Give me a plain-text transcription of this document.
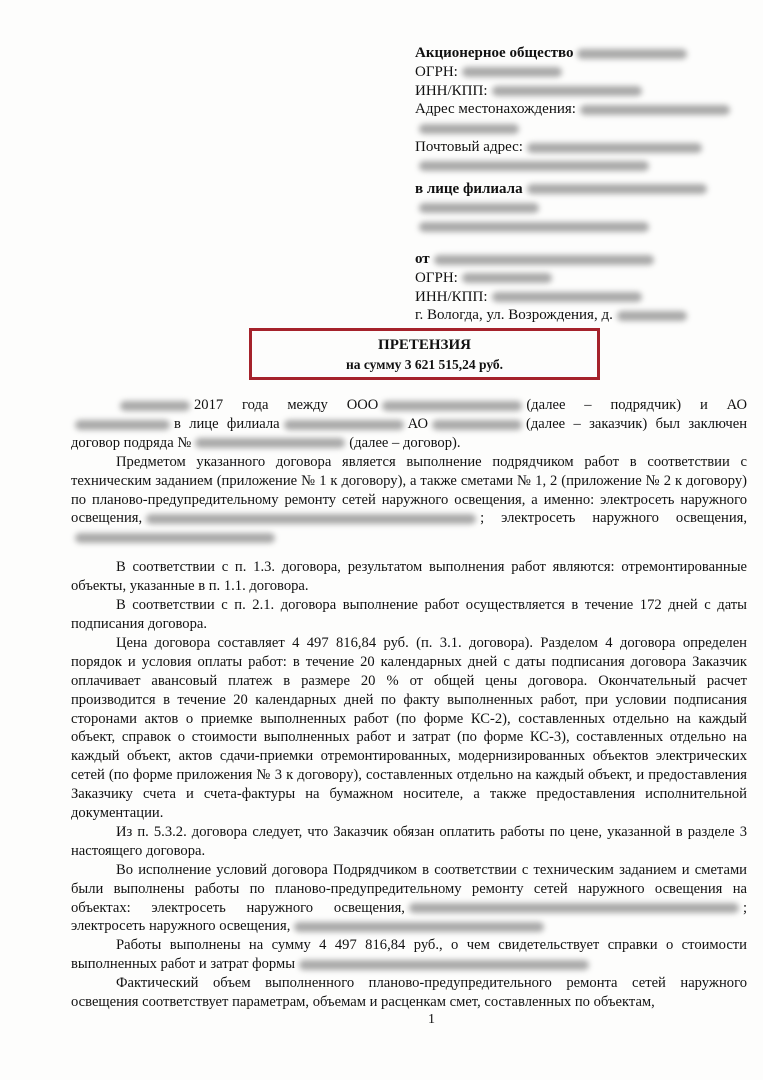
Акционерное общество
ОГРН:
ИНН/КПП:
Адрес местонахождения:
Почтовый адрес:
в лице филиала
от
ОГРН:
ИНН/КПП:
г. Вологда, ул. Возрождения, д.
ПРЕТЕНЗИЯ
на сумму 3 621 515,24 руб.

2017 года между ООО	(далее – подрядчик) и АО в лице филиала	АО	(далее – заказчик) был заключен договор подряда №	(далее – договор).

Предметом указанного договора является выполнение подрядчиком работ в соответствии с техническим заданием (приложение № 1 к договору), а также сметами № 1, 2 (приложение № 2 к договору) по планово-предупредительному ремонту сетей наружного освещения, а именно: электросеть наружного освещения,	; электросеть наружного освещения,

В соответствии с п. 1.3. договора, результатом выполнения работ являются: отремонтированные объекты, указанные в п. 1.1. договора.

В соответствии с п. 2.1. договора выполнение работ осуществляется в течение 172 дней с даты подписания договора.

Цена договора составляет 4 497 816,84 руб. (п. 3.1. договора). Разделом 4 договора определен порядок и условия оплаты работ: в течение 20 календарных дней с даты подписания договора Заказчик оплачивает авансовый платеж в размере 20 % от общей цены договора. Окончательный расчет производится в течение 20 календарных дней по факту выполненных работ, при условии подписания сторонами актов о приемке выполненных работ (по форме КС-2), составленных отдельно на каждый объект, справок о стоимости выполненных работ и затрат (по форме КС-3), составленных отдельно на каждый объект, актов сдачи-приемки отремонтированных, модернизированных объектов электрических сетей (по форме приложения № 3 к договору), составленных отдельно на каждый объект, и предоставления Заказчику счета и счета-фактуры на бумажном носителе, а также предоставления исполнительной документации.

Из п. 5.3.2. договора следует, что Заказчик обязан оплатить работы по цене, указанной в разделе 3 настоящего договора.

Во исполнение условий договора Подрядчиком в соответствии с техническим заданием и сметами были выполнены работы по планово-предупредительному ремонту сетей наружного освещения на объектах: электросеть наружного освещения,	; электросеть наружного освещения,

Работы выполнены на сумму 4 497 816,84 руб., о чем свидетельствует справки о стоимости выполненных работ и затрат формы

Фактический объем выполненного планово-предупредительного ремонта сетей наружного освещения соответствует параметрам, объемам и расценкам смет, составленных по объектам,

1
